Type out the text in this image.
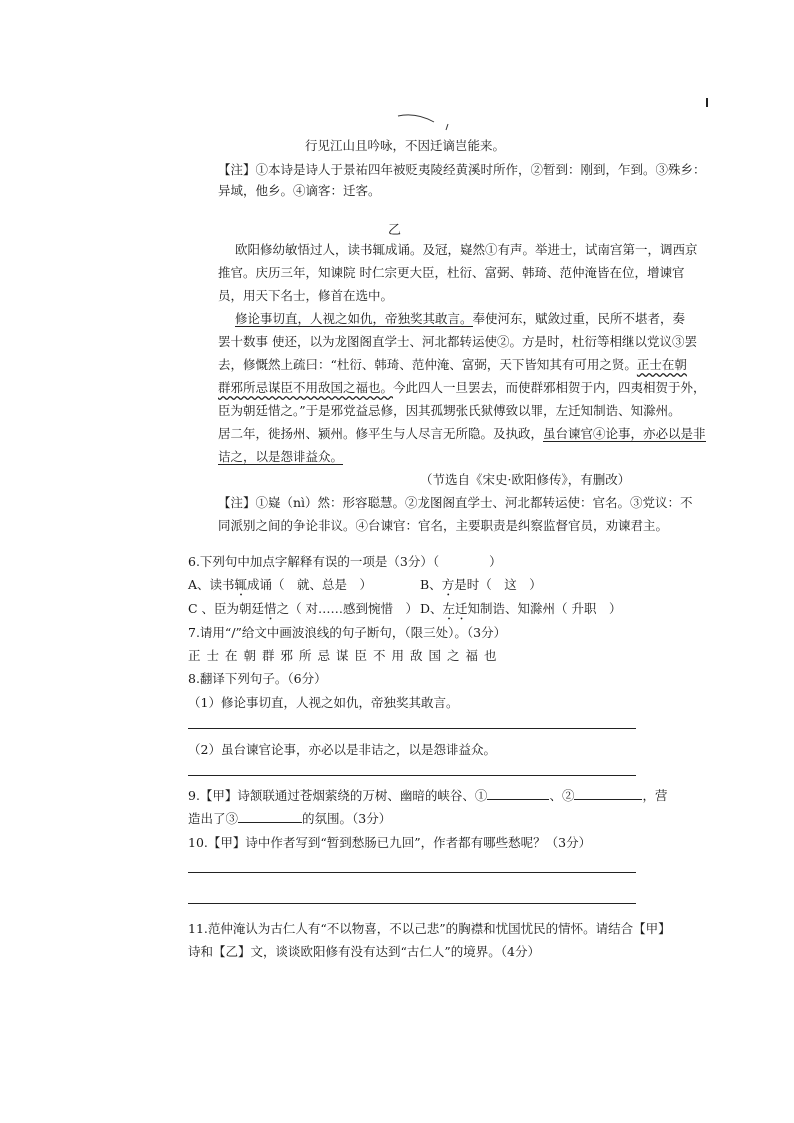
行见江山且吟咏，不因迁谪岂能来。
【注】①本诗是诗人于景祐四年被贬夷陵经黄溪时所作，②暂到：刚到，乍到。③殊乡：
异域，他乡。④谪客：迁客。
乙
欧阳修幼敏悟过人，读书辄成诵。及冠，嶷然①有声。举进士，试南宫第一，调西京
推官。庆历三年，知谏院 时仁宗更大臣，杜衍、富弼、韩琦、范仲淹皆在位，增谏官
员，用天下名士，修首在选中。
修论事切直，人视之如仇，帝独奖其敢言。奉使河东，赋敛过重，民所不堪者，奏
罢十数事 使还，以为龙图阁直学士、河北都转运使②。方是时，杜衍等相继以党议③罢
去，修慨然上疏曰：“杜衍、韩琦、范仲淹、富弼，天下皆知其有可用之贤。正士在朝
群邪所忌谋臣不用敌国之福也。今此四人一旦罢去，而使群邪相贺于内，四夷相贺于外，
臣为朝廷惜之。”于是邪党益忌修，因其孤甥张氏狱傅致以罪，左迁知制诰、知滁州。
居二年，徙扬州、颍州。修平生与人尽言无所隐。及执政，虽台谏官④论事，亦必以是非
诘之，以是怨诽益众。
（节选自《宋史·欧阳修传》，有删改）
【注】①嶷（nì）然：形容聪慧。②龙图阁直学士、河北都转运使：官名。③党议：不
同派别之间的争论非议。④台谏官：官名，主要职责是纠察监督官员，劝谏君主。
6.下列句中加点字解释有误的一项是（3分）（　　　　）
A、读书辄成诵（　就、总是　）	B、方是时（　这　）
C 、臣为朝廷惜之（ 对……感到惋惜　） D、左迁知制诰、知滁州（ 升职　）
7.请用“/”给文中画波浪线的句子断句，（限三处）。（3分）
正士在朝群邪所忌谋臣不用敌国之福也
8.翻译下列句子。（6分）
（1）修论事切直，人视之如仇，帝独奖其敢言。
（2）虽台谏官论事，亦必以是非诘之，以是怨诽益众。
9.【甲】诗颔联通过苍烟萦绕的万树、幽暗的峡谷、①	、②	，营
造出了③	的氛围。（3分）
10.【甲】诗中作者写到“暂到愁肠已九回”，作者都有哪些愁呢？（3分）
11.范仲淹认为古仁人有“不以物喜，不以己悲”的胸襟和忧国忧民的情怀。请结合【甲】
诗和【乙】文，谈谈欧阳修有没有达到“古仁人”的境界。（4分）
